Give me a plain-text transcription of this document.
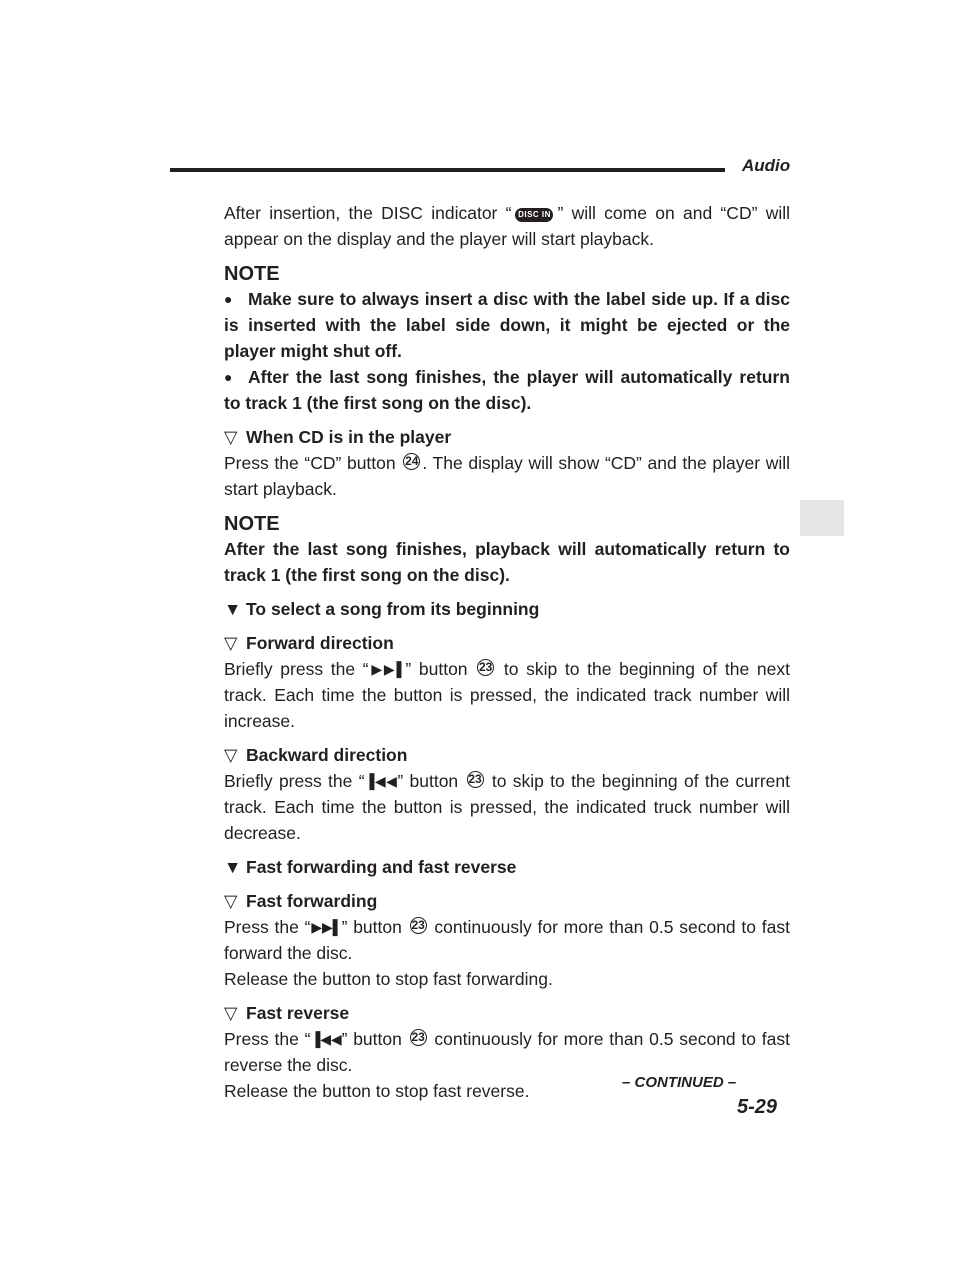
Audio

After insertion, the DISC indicator “ DISC IN ” will come on and “CD” will appear on the display and the player will start playback.

NOTE

● Make sure to always insert a disc with the label side up. If a disc is inserted with the label side down, it might be ejected or the player might shut off.

● After the last song finishes, the player will automatically return to track 1 (the first song on the disc).

▽ When CD is in the player

Press the “CD” button 24 . The display will show “CD” and the player will start playback.

NOTE

After the last song finishes, playback will automatically return to track 1 (the first song on the disc).

▼ To select a song from its beginning
▽ Forward direction

Briefly press the “▶▶▌” button 23 to skip to the beginning of the next track. Each time the button is pressed, the indicated track number will increase.

▽ Backward direction

Briefly press the “▐◀◀” button 23 to skip to the beginning of the current track. Each time the button is pressed, the indicated truck number will decrease.

▼ Fast forwarding and fast reverse
▽ Fast forwarding

Press the “▶▶▌” button 23 continuously for more than 0.5 second to fast forward the disc.

Release the button to stop fast forwarding.

▽ Fast reverse

Press the “▐◀◀” button 23 continuously for more than 0.5 second to fast reverse the disc.

Release the button to stop fast reverse.	– CONTINUED –
5-29
